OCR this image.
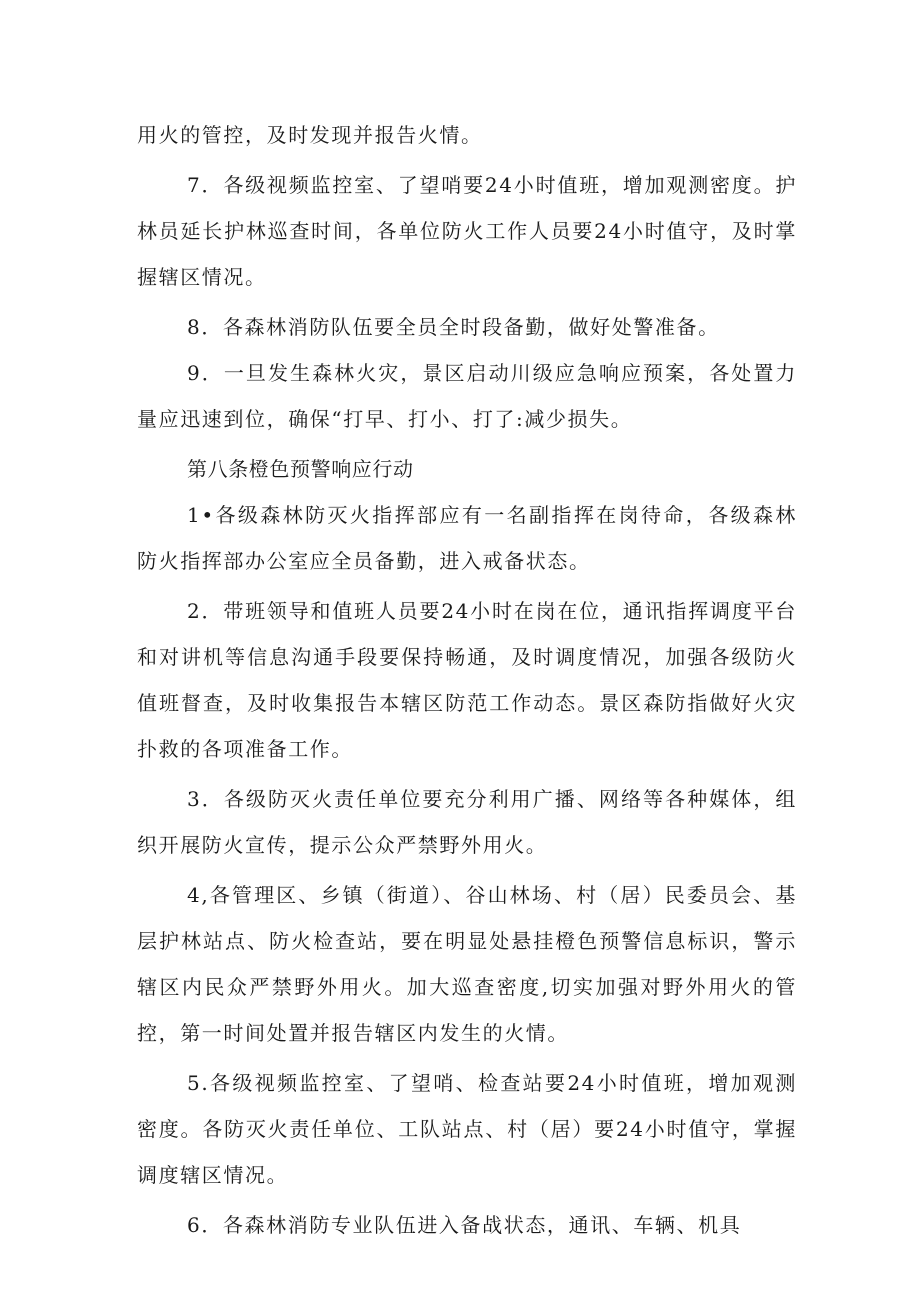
用火的管控，及时发现并报告火情。

7．各级视频监控室、了望哨要24小时值班，增加观测密度。护林员延长护林巡查时间，各单位防火工作人员要24小时值守，及时掌握辖区情况。

8．各森林消防队伍要全员全时段备勤，做好处警准备。

9．一旦发生森林火灾，景区启动川级应急响应预案，各处置力量应迅速到位，确保“打早、打小、打了:减少损失。

第八条橙色预警响应行动

1•各级森林防灭火指挥部应有一名副指挥在岗待命，各级森林防火指挥部办公室应全员备勤，进入戒备状态。

2．带班领导和值班人员要24小时在岗在位，通讯指挥调度平台和对讲机等信息沟通手段要保持畅通，及时调度情况，加强各级防火值班督查，及时收集报告本辖区防范工作动态。景区森防指做好火灾扑救的各项准备工作。

3．各级防灭火责任单位要充分利用广播、网络等各种媒体，组织开展防火宣传，提示公众严禁野外用火。

4,各管理区、乡镇（街道）、谷山林场、村（居）民委员会、基层护林站点、防火检查站，要在明显处悬挂橙色预警信息标识，警示辖区内民众严禁野外用火。加大巡查密度,切实加强对野外用火的管控，第一时间处置并报告辖区内发生的火情。

5.各级视频监控室、了望哨、检查站要24小时值班，增加观测密度。各防灭火责任单位、工队站点、村（居）要24小时值守，掌握调度辖区情况。

6．各森林消防专业队伍进入备战状态，通讯、车辆、机具
